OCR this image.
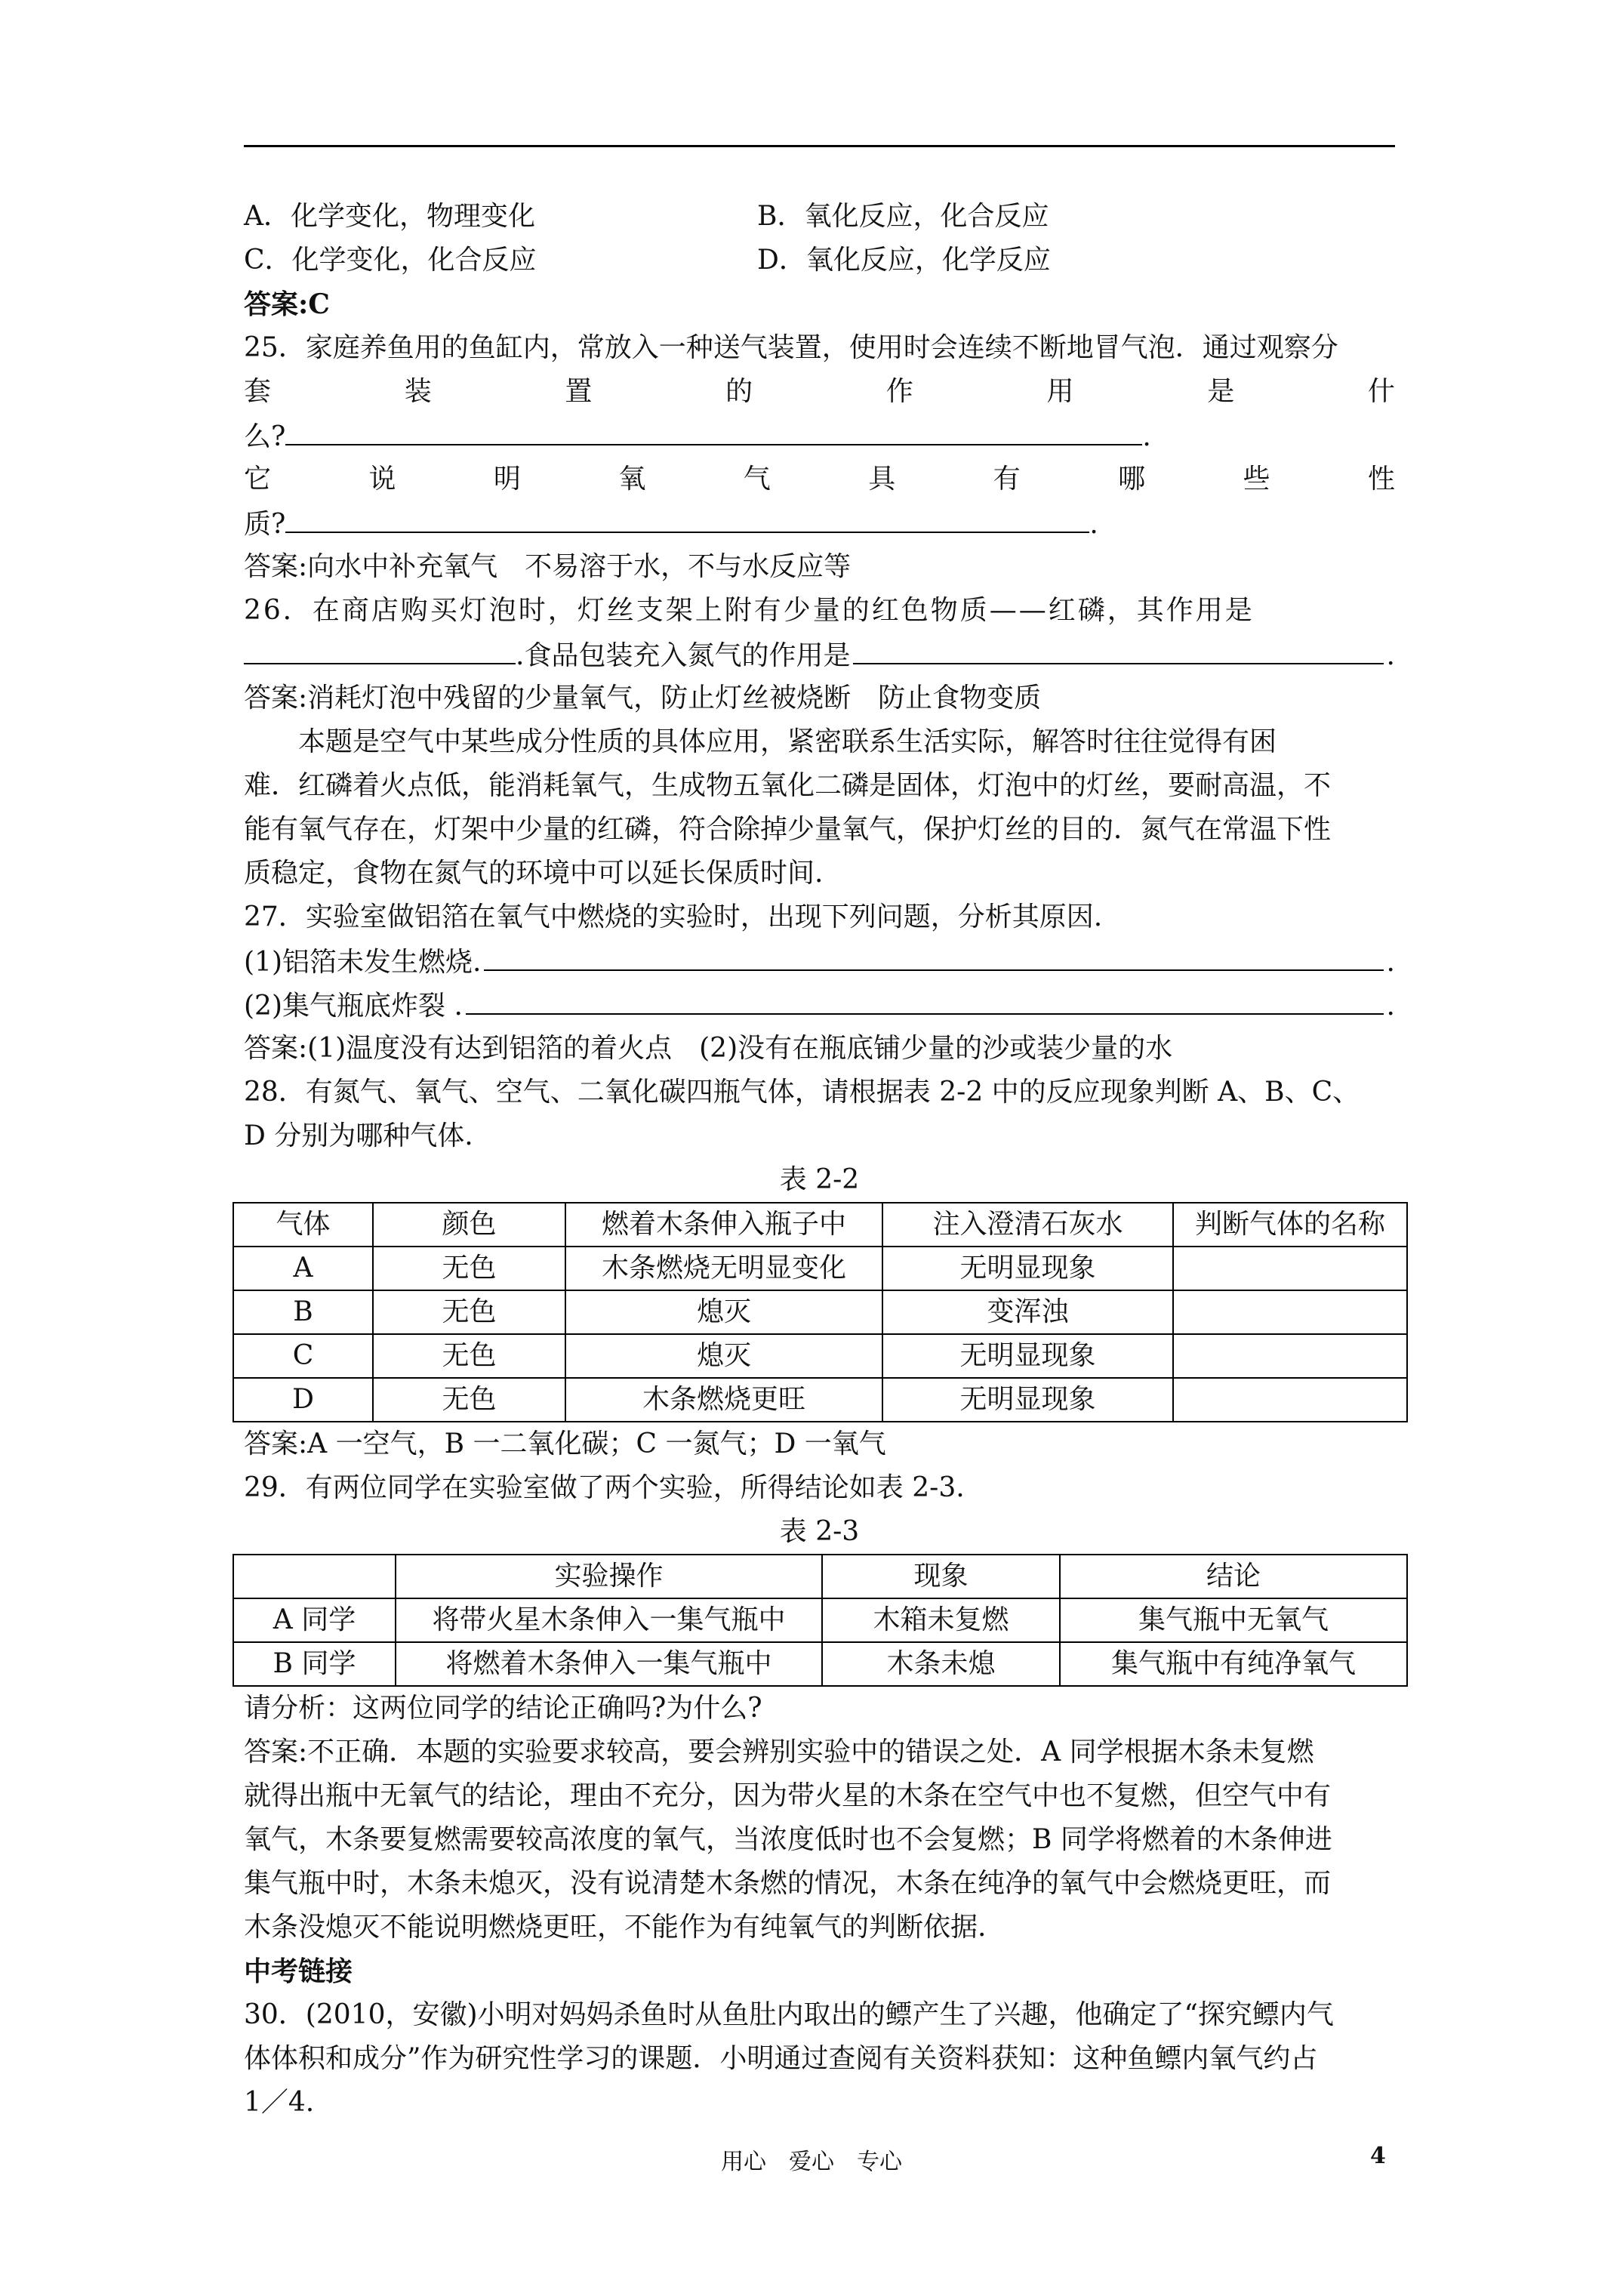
A．化学变化，物理变化	B．氧化反应，化合反应
C．化学变化，化合反应	D．氧化反应，化学反应
答案:C
25．家庭养鱼用的鱼缸内，常放入一种送气装置，使用时会连续不断地冒气泡．通过观察分
套	装	置	的	作	用	是	什
么?	.
它	说	明	氧	气	具	有	哪	些	性
质?	.
答案:向水中补充氧气　不易溶于水，不与水反应等
26．在商店购买灯泡时，灯丝支架上附有少量的红色物质——红磷，其作用是
.食品包装充入氮气的作用是	.
答案:消耗灯泡中残留的少量氧气，防止灯丝被烧断　防止食物变质
本题是空气中某些成分性质的具体应用，紧密联系生活实际，解答时往往觉得有困
难．红磷着火点低，能消耗氧气，生成物五氧化二磷是固体，灯泡中的灯丝，要耐高温，不
能有氧气存在，灯架中少量的红磷，符合除掉少量氧气，保护灯丝的目的．氮气在常温下性
质稳定，食物在氮气的环境中可以延长保质时间.
27．实验室做铝箔在氧气中燃烧的实验时，出现下列问题，分析其原因.
(1)铝箔未发生燃烧.	.
(2)集气瓶底炸裂 .	.
答案:(1)温度没有达到铝箔的着火点　(2)没有在瓶底铺少量的沙或装少量的水
28．有氮气、氧气、空气、二氧化碳四瓶气体，请根据表 2-2 中的反应现象判断 A、B、C、
D 分别为哪种气体.
表 2-2
气体	颜色	燃着木条伸入瓶子中	注入澄清石灰水	判断气体的名称
A	无色	木条燃烧无明显变化	无明显现象	
B	无色	熄灭	变浑浊	
C	无色	熄灭	无明显现象	
D	无色	木条燃烧更旺	无明显现象	
答案:A 一空气，B 一二氧化碳；C 一氮气；D 一氧气
29．有两位同学在实验室做了两个实验，所得结论如表 2-3.
表 2-3
	实验操作	现象	结论
A 同学	将带火星木条伸入一集气瓶中	木箱未复燃	集气瓶中无氧气
B 同学	将燃着木条伸入一集气瓶中	木条未熄	集气瓶中有纯净氧气
请分析：这两位同学的结论正确吗?为什么?
答案:不正确．本题的实验要求较高，要会辨别实验中的错误之处．A 同学根据木条未复燃
就得出瓶中无氧气的结论，理由不充分，因为带火星的木条在空气中也不复燃，但空气中有
氧气，木条要复燃需要较高浓度的氧气，当浓度低时也不会复燃；B 同学将燃着的木条伸进
集气瓶中时，木条未熄灭，没有说清楚木条燃的情况，木条在纯净的氧气中会燃烧更旺，而
木条没熄灭不能说明燃烧更旺，不能作为有纯氧气的判断依据.
中考链接
30．(2010，安徽)小明对妈妈杀鱼时从鱼肚内取出的鳔产生了兴趣，他确定了“探究鳔内气
体体积和成分”作为研究性学习的课题．小明通过查阅有关资料获知：这种鱼鳔内氧气约占
1／4.
用心　爱心　专心	4
